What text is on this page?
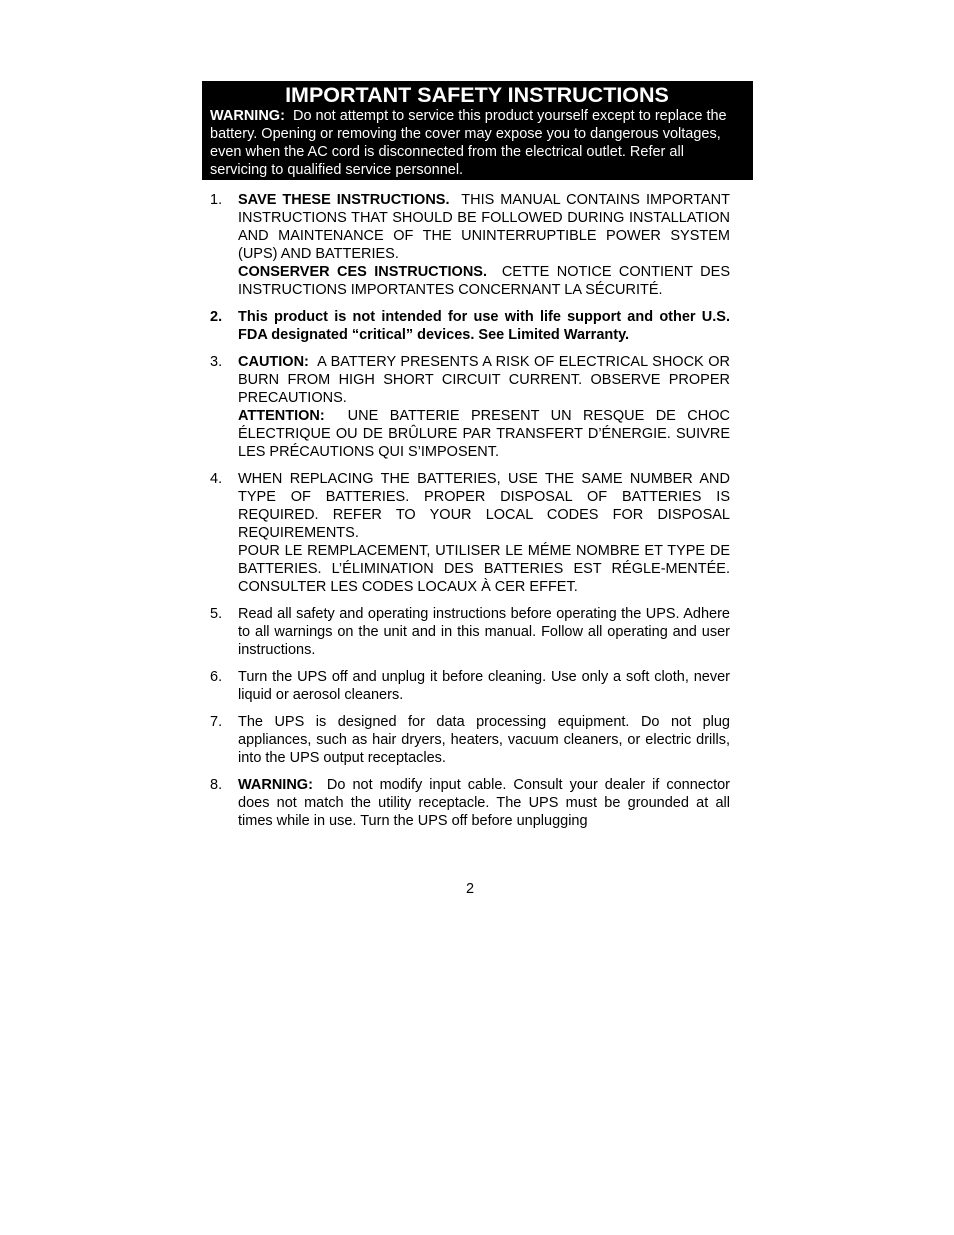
IMPORTANT SAFETY INSTRUCTIONS
WARNING: Do not attempt to service this product yourself except to replace the battery. Opening or removing the cover may expose you to dangerous voltages, even when the AC cord is disconnected from the electrical outlet. Refer all servicing to qualified service personnel.
1. SAVE THESE INSTRUCTIONS. THIS MANUAL CONTAINS IMPORTANT INSTRUCTIONS THAT SHOULD BE FOLLOWED DURING INSTALLATION AND MAINTENANCE OF THE UNINTERRUPTIBLE POWER SYSTEM (UPS) AND BATTERIES.
CONSERVER CES INSTRUCTIONS. CETTE NOTICE CONTIENT DES INSTRUCTIONS IMPORTANTES CONCERNANT LA SÉCURITÉ.
2. This product is not intended for use with life support and other U.S. FDA designated “critical” devices. See Limited Warranty.
3. CAUTION: A BATTERY PRESENTS A RISK OF ELECTRICAL SHOCK OR BURN FROM HIGH SHORT CIRCUIT CURRENT. OBSERVE PROPER PRECAUTIONS.
ATTENTION: UNE BATTERIE PRESENT UN RESQUE DE CHOC ÉLECTRIQUE OU DE BRÛLURE PAR TRANSFERT D’ÉNERGIE. SUIVRE LES PRÉCAUTIONS QUI S’IMPOSENT.
4. WHEN REPLACING THE BATTERIES, USE THE SAME NUMBER AND TYPE OF BATTERIES. PROPER DISPOSAL OF BATTERIES IS REQUIRED. REFER TO YOUR LOCAL CODES FOR DISPOSAL REQUIREMENTS.
POUR LE REMPLACEMENT, UTILISER LE MÉME NOMBRE ET TYPE DE BATTERIES. L’ÉLIMINATION DES BATTERIES EST RÉGLE-MENTÉE. CONSULTER LES CODES LOCAUX À CER EFFET.
5. Read all safety and operating instructions before operating the UPS. Adhere to all warnings on the unit and in this manual. Follow all operating and user instructions.
6. Turn the UPS off and unplug it before cleaning. Use only a soft cloth, never liquid or aerosol cleaners.
7. The UPS is designed for data processing equipment. Do not plug appliances, such as hair dryers, heaters, vacuum cleaners, or electric drills, into the UPS output receptacles.
8. WARNING: Do not modify input cable. Consult your dealer if connector does not match the utility receptacle. The UPS must be grounded at all times while in use. Turn the UPS off before unplugging
2
